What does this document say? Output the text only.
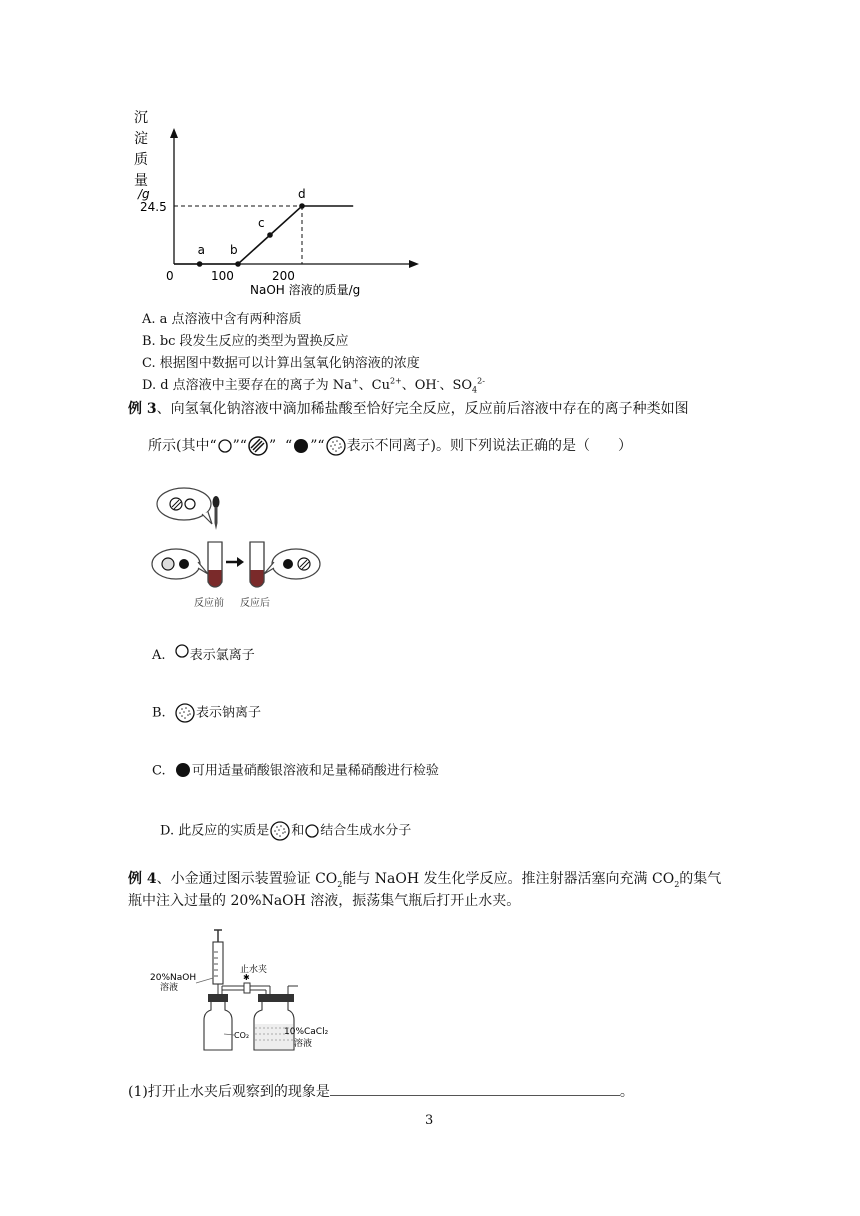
沉
淀
质
量
/g
24.5
0	100	200
NaOH 溶液的质量/g
a b
c
d
A. a 点溶液中含有两种溶质
B. bc 段发生反应的类型为置换反应
C. 根据图中数据可以计算出氢氧化钠溶液的浓度
D. d 点溶液中主要存在的离子为 Na+、$Cu^{2+}$、OH-、$SO_4^{2-}$
例 3、向氢氧化钠溶液中滴加稀盐酸至恰好完全反应，反应前后溶液中存在的离子种类如图
所示(其中“ ”“ ” “ ”“ 表示不同离子)。则下列说法正确的是（　　）
反应前 反应后
A. 表示氯离子
B. 表示钠离子
C. 可用适量硝酸银溶液和足量稀硝酸进行检验
D. 此反应的实质是 和 结合生成水分子
例 4、小金通过图示装置验证 $CO_2$能与 NaOH 发生化学反应。推注射器活塞向充满 $CO_2$的集气
瓶中注入过量的 20%NaOH 溶液，振荡集气瓶后打开止水夹。
20%NaOH
溶液
CO₂
✱
止水夹
10%CaCl₂
溶液
(1)打开止水夹后观察到的现象是	。
3
